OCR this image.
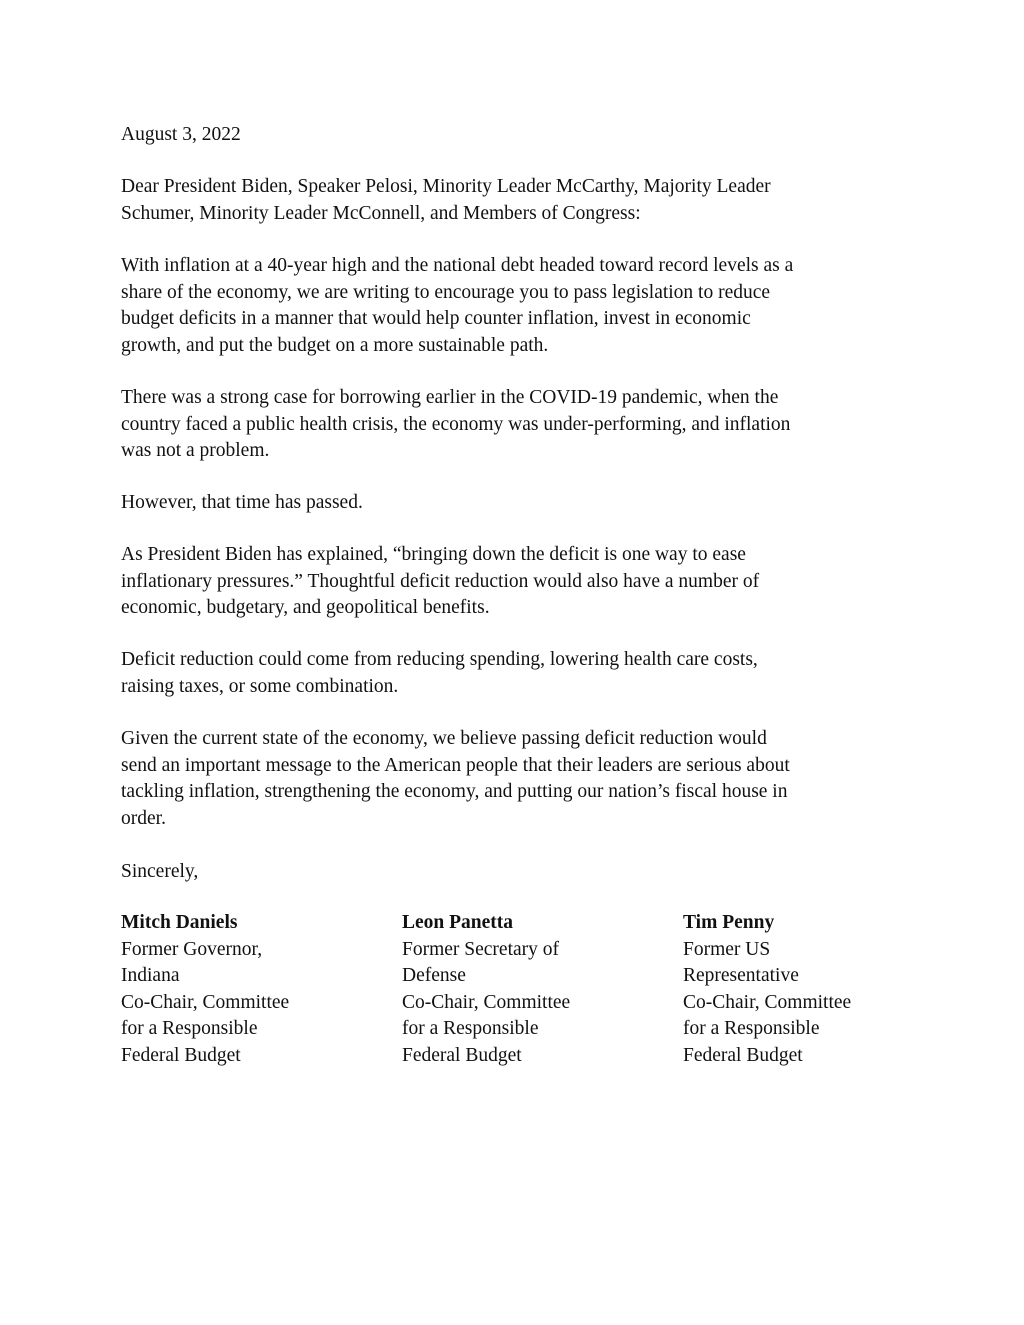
August 3, 2022

Dear President Biden, Speaker Pelosi, Minority Leader McCarthy, Majority Leader
Schumer, Minority Leader McConnell, and Members of Congress:

With inflation at a 40-year high and the national debt headed toward record levels as a
share of the economy, we are writing to encourage you to pass legislation to reduce
budget deficits in a manner that would help counter inflation, invest in economic
growth, and put the budget on a more sustainable path.

There was a strong case for borrowing earlier in the COVID-19 pandemic, when the
country faced a public health crisis, the economy was under-performing, and inflation
was not a problem.

However, that time has passed.

As President Biden has explained, “bringing down the deficit is one way to ease
inflationary pressures.” Thoughtful deficit reduction would also have a number of
economic, budgetary, and geopolitical benefits.

Deficit reduction could come from reducing spending, lowering health care costs,
raising taxes, or some combination.

Given the current state of the economy, we believe passing deficit reduction would
send an important message to the American people that their leaders are serious about
tackling inflation, strengthening the economy, and putting our nation’s fiscal house in
order.

Sincerely,

Mitch Daniels
Former Governor,
Indiana
Co-Chair, Committee
for a Responsible
Federal Budget
Leon Panetta
Former Secretary of
Defense
Co-Chair, Committee
for a Responsible
Federal Budget
Tim Penny
Former US
Representative
Co-Chair, Committee
for a Responsible
Federal Budget
